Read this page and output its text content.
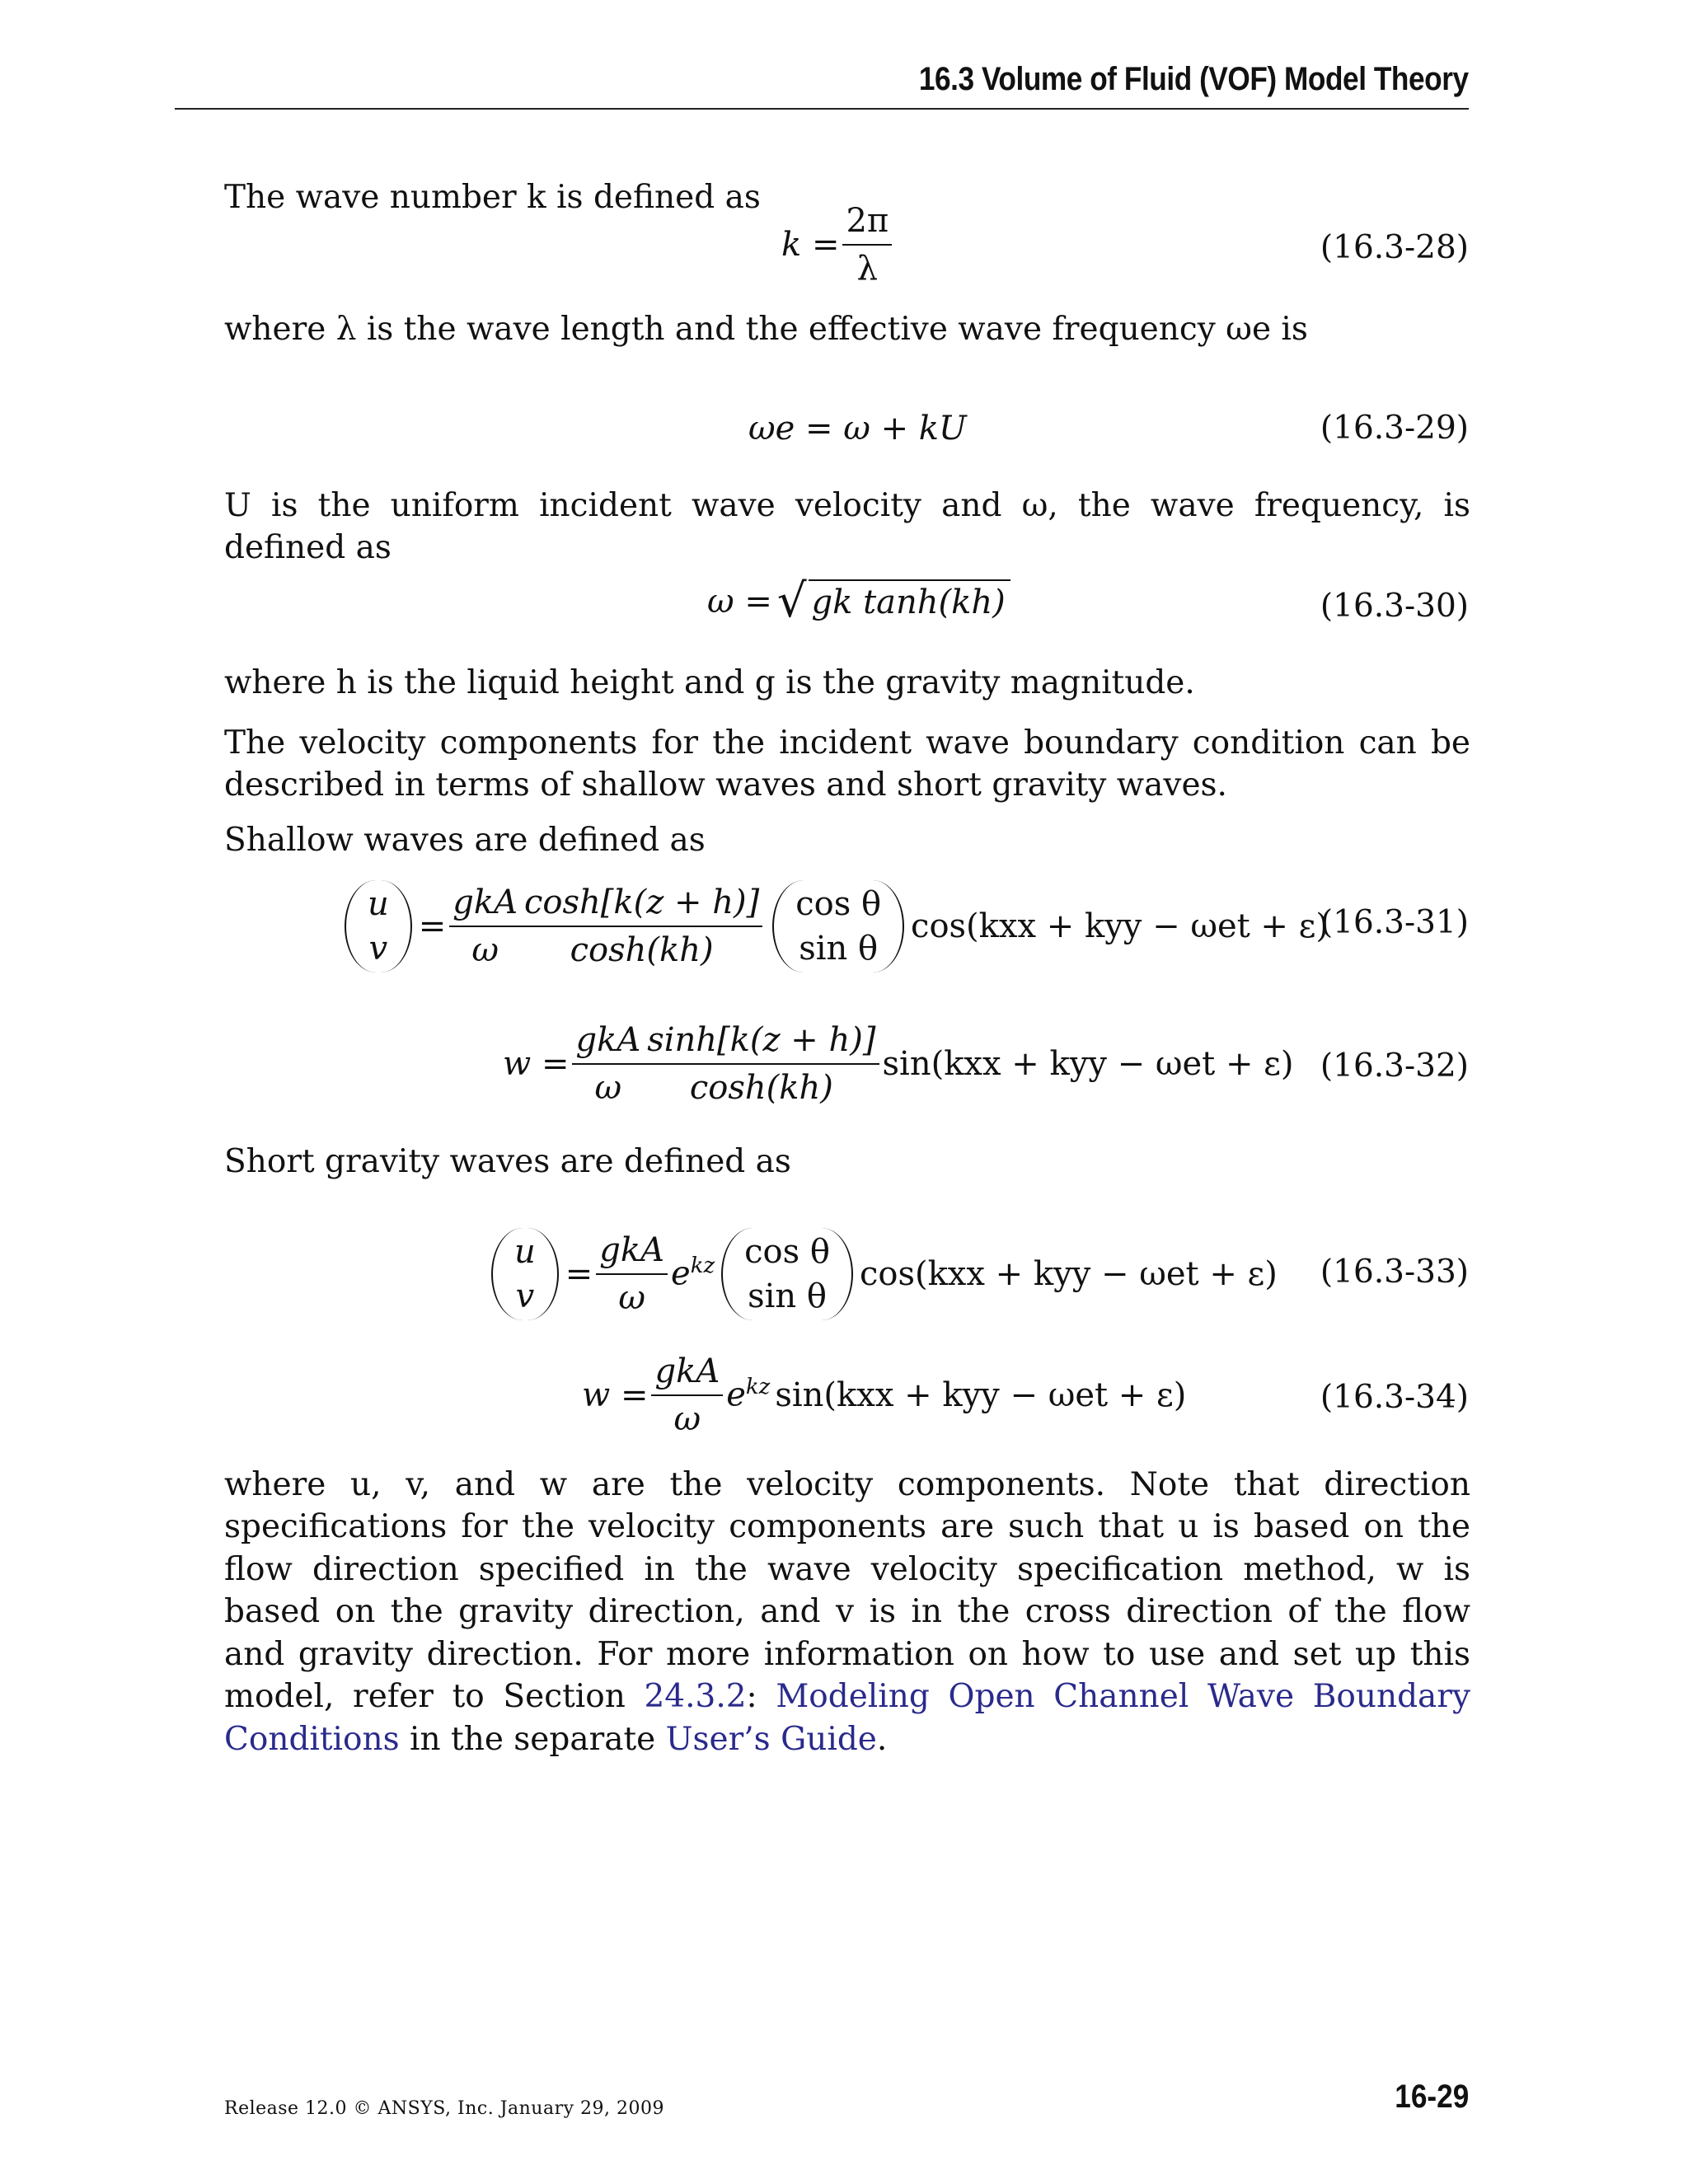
16.3 Volume of Fluid (VOF) Model Theory

The wave number k is defined as

$k = \frac{2\pi}{\lambda}$	(16.3-28)

where λ is the wave length and the effective wave frequency ωe is

ωe = ω + kU	(16.3-29)

U is the uniform incident wave velocity and ω, the wave frequency, is defined as

ω = √ gk tanh(kh)	(16.3-30)

where h is the liquid height and g is the gravity magnitude.

The velocity components for the incident wave boundary condition can be described in terms of shallow waves and short gravity waves.

Shallow waves are defined as

u
v
= $\frac{\text{gkA}}{\omega} \frac{\cosh[k(z + h)]}{\cosh(kh)}$ cos θ
sin θ
cos(kxx + kyy − ωet + ε)
(16.3-31)
$w = \frac{\text{gkA}}{\omega} \frac{\sinh[k(z + h)]}{\cosh(kh)} \sin(kxx$ + kyy − ωet + ε) (16.3-32)

Short gravity waves are defined as

u
v
= $\frac{\text{gkA}}{\omega} e^{kz}$ cos θ
sin θ
cos(kxx + kyy − ωet + ε) (16.3-33)
$w = \frac{\text{gkA}}{\omega} e^{kz}$ sin(kxx + kyy − ωet + ε)	(16.3-34)

where u, v, and w are the velocity components. Note that direction specifications for the velocity components are such that u is based on the flow direction specified in the wave velocity specification method, w is based on the gravity direction, and v is in the cross direction of the flow and gravity direction. For more information on how to use and set up this model, refer to Section 24.3.2: Modeling Open Channel Wave Boundary Conditions in the separate User’s Guide.

Release 12.0 © ANSYS, Inc. January 29, 2009	16-29
